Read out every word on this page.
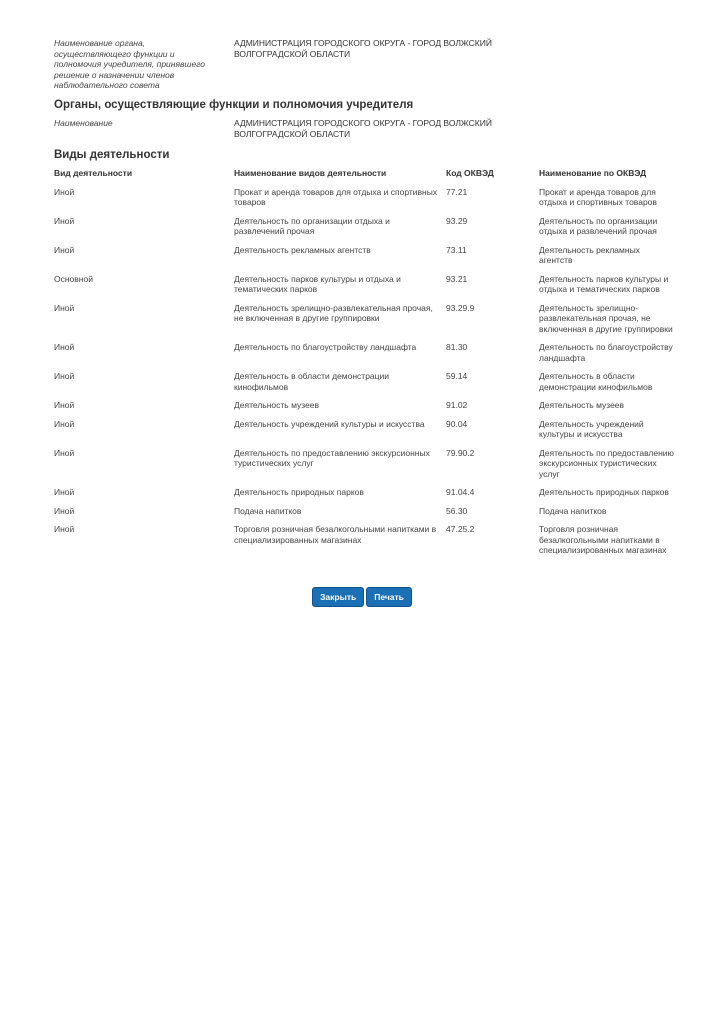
Наименование органа, осуществляющего функции и полномочия учредителя, принявшего решение о назначении членов наблюдательного совета
АДМИНИСТРАЦИЯ ГОРОДСКОГО ОКРУГА - ГОРОД ВОЛЖСКИЙ ВОЛГОГРАДСКОЙ ОБЛАСТИ
Органы, осуществляющие функции и полномочия учредителя
Наименование	АДМИНИСТРАЦИЯ ГОРОДСКОГО ОКРУГА - ГОРОД ВОЛЖСКИЙ ВОЛГОГРАДСКОЙ ОБЛАСТИ
Виды деятельности
Вид деятельности	Наименование видов деятельности	Код ОКВЭД	Наименование по ОКВЭД
Иной	Прокат и аренда товаров для отдыха и спортивных товаров	77.21	Прокат и аренда товаров для отдыха и спортивных товаров
Иной	Деятельность по организации отдыха и развлечений прочая	93.29	Деятельность по организации отдыха и развлечений прочая
Иной	Деятельность рекламных агентств	73.11	Деятельность рекламных агентств
Основной	Деятельность парков культуры и отдыха и тематических парков	93.21	Деятельность парков культуры и отдыха и тематических парков
Иной	Деятельность зрелищно-развлекательная прочая, не включенная в другие группировки	93.29.9	Деятельность зрелищно-развлекательная прочая, не включенная в другие группировки
Иной	Деятельность по благоустройству ландшафта	81.30	Деятельность по благоустройству ландшафта
Иной	Деятельность в области демонстрации кинофильмов	59.14	Деятельность в области демонстрации кинофильмов
Иной	Деятельность музеев	91.02	Деятельность музеев
Иной	Деятельность учреждений культуры и искусства	90.04	Деятельность учреждений культуры и искусства
Иной	Деятельность по предоставлению экскурсионных туристических услуг	79.90.2	Деятельность по предоставлению экскурсионных туристических услуг
Иной	Деятельность природных парков	91.04.4	Деятельность природных парков
Иной	Подача напитков	56.30	Подача напитков
Иной	Торговля розничная безалкогольными напитками в специализированных магазинах	47.25.2	Торговля розничная безалкогольными напитками в специализированных магазинах
Закрыть Печать
